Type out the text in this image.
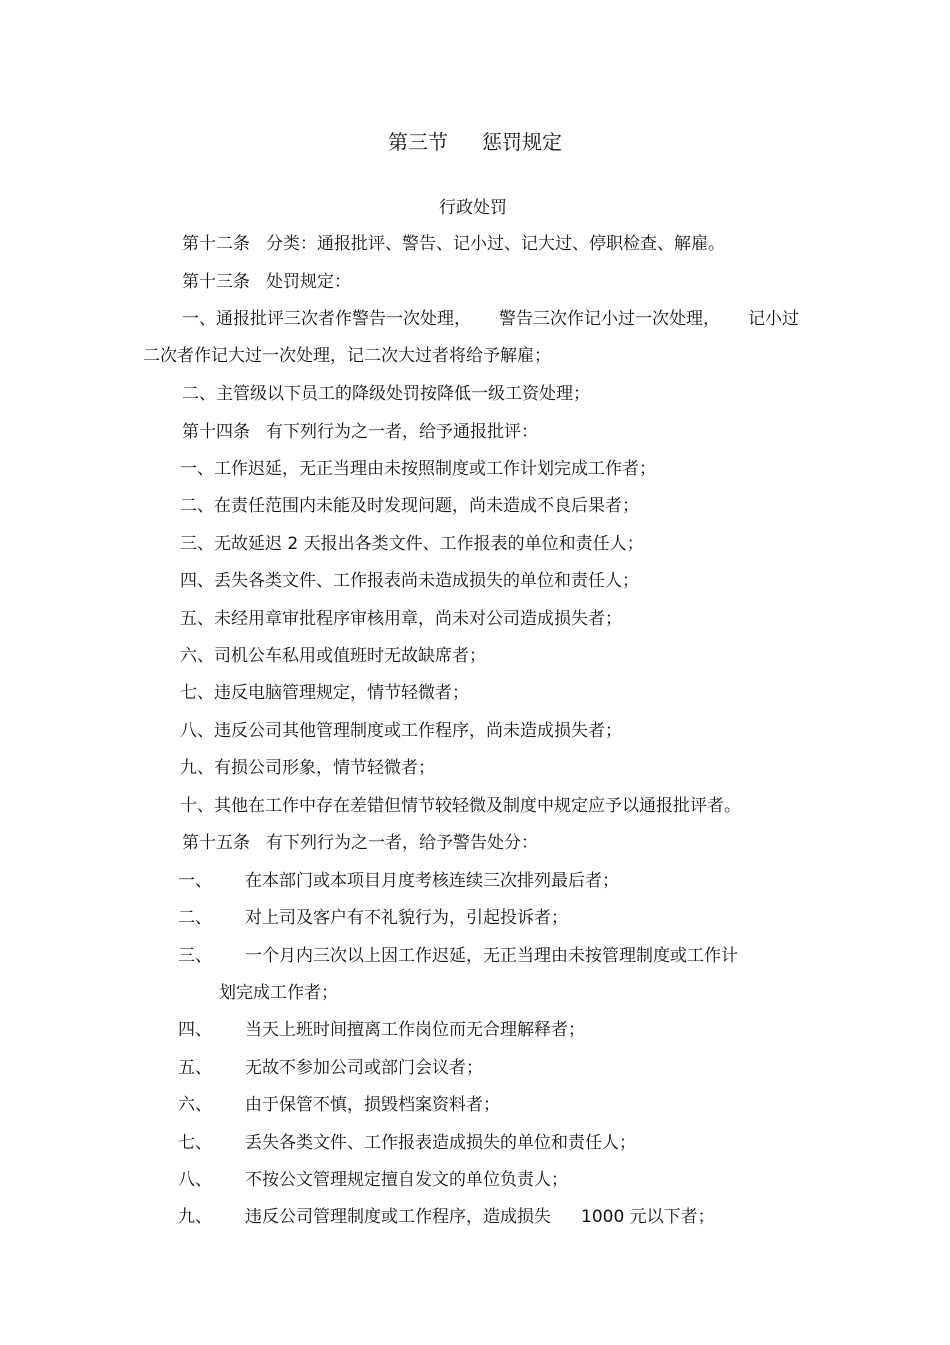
第三节 惩罚规定
行政处罚
第十二条 分类：通报批评、警告、记小过、记大过、停职检查、解雇。
第十三条 处罚规定：
一、通报批评三次者作警告一次处理， 警告三次作记小过一次处理， 记小过
二次者作记大过一次处理，记二次大过者将给予解雇；
二、主管级以下员工的降级处罚按降低一级工资处理；
第十四条 有下列行为之一者，给予通报批评：
一、工作迟延，无正当理由未按照制度或工作计划完成工作者；
二、在责任范围内未能及时发现问题，尚未造成不良后果者；
三、无故延迟 2 天报出各类文件、工作报表的单位和责任人；
四、丢失各类文件、工作报表尚未造成损失的单位和责任人；
五、未经用章审批程序审核用章，尚未对公司造成损失者；
六、司机公车私用或值班时无故缺席者；
七、违反电脑管理规定，情节轻微者；
八、违反公司其他管理制度或工作程序，尚未造成损失者；
九、有损公司形象，情节轻微者；
十、其他在工作中存在差错但情节较轻微及制度中规定应予以通报批评者。
第十五条 有下列行为之一者，给予警告处分：
一、 在本部门或本项目月度考核连续三次排列最后者；
二、 对上司及客户有不礼貌行为，引起投诉者；
三、 一个月内三次以上因工作迟延，无正当理由未按管理制度或工作计
划完成工作者；
四、 当天上班时间擅离工作岗位而无合理解释者；
五、 无故不参加公司或部门会议者；
六、 由于保管不慎，损毁档案资料者；
七、 丢失各类文件、工作报表造成损失的单位和责任人；
八、 不按公文管理规定擅自发文的单位负责人；
九、 违反公司管理制度或工作程序，造成损失 1000 元以下者；
